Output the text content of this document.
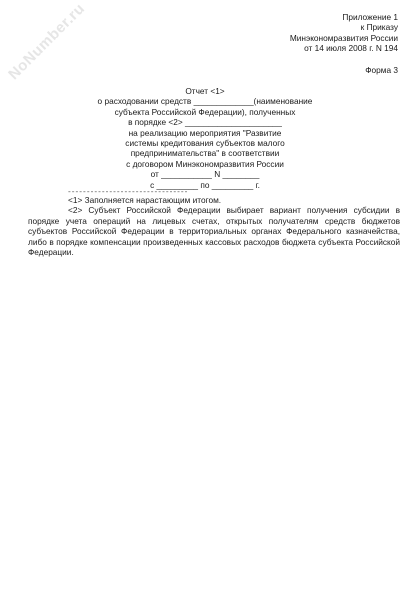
NoNumber.ru	Приложение 1
к Приказу
Минэкономразвития России
от 14 июля 2008 г. N 194
Форма 3
Отчет <1>
о расходовании средств _____________(наименование
субъекта Российской Федерации), полученных
в порядке <2> _____________________
на реализацию мероприятия "Развитие
системы кредитования субъектов малого
предпринимательства" в соответствии
с договором Минэкономразвития России
от ___________ N ________
с _________ по _________ г.
--------------------------------
<1> Заполняется нарастающим итогом.
<2> Субъект Российской Федерации выбирает вариант получения субсидии в порядке учета операций на лицевых счетах, открытых получателям средств бюджетов субъектов Российской Федерации в территориальных органах Федерального казначейства, либо в порядке компенсации произведенных кассовых расходов бюджета субъекта Российской Федерации.
